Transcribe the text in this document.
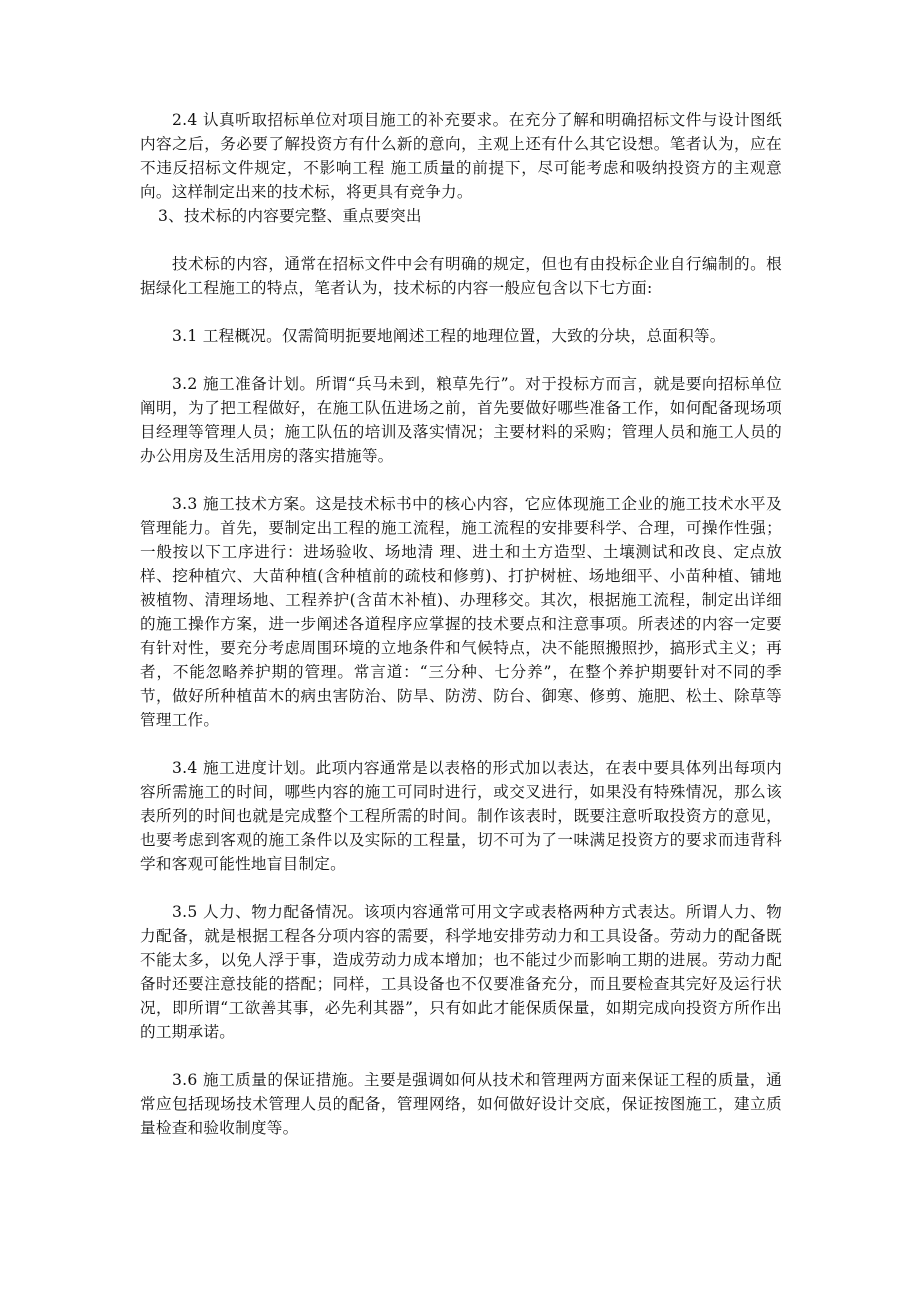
2.4 认真听取招标单位对项目施工的补充要求。在充分了解和明确招标文件与设计图纸内容之后，务必要了解投资方有什么新的意向，主观上还有什么其它设想。笔者认为，应在不违反招标文件规定，不影响工程 施工质量的前提下，尽可能考虑和吸纳投资方的主观意向。这样制定出来的技术标，将更具有竞争力。

3、技术标的内容要完整、重点要突出

技术标的内容，通常在招标文件中会有明确的规定，但也有由投标企业自行编制的。根据绿化工程施工的特点，笔者认为，技术标的内容一般应包含以下七方面:

3.1 工程概况。仅需简明扼要地阐述工程的地理位置，大致的分块，总面积等。

3.2 施工准备计划。所谓“兵马未到，粮草先行”。对于投标方而言，就是要向招标单位阐明，为了把工程做好，在施工队伍进场之前，首先要做好哪些准备工作，如何配备现场项目经理等管理人员；施工队伍的培训及落实情况；主要材料的采购；管理人员和施工人员的办公用房及生活用房的落实措施等。

3.3 施工技术方案。这是技术标书中的核心内容，它应体现施工企业的施工技术水平及管理能力。首先，要制定出工程的施工流程，施工流程的安排要科学、合理，可操作性强；一般按以下工序进行：进场验收、场地清 理、进土和土方造型、土壤测试和改良、定点放样、挖种植穴、大苗种植(含种植前的疏枝和修剪)、打护树桩、场地细平、小苗种植、铺地被植物、清理场地、工程养护(含苗木补植)、办理移交。其次，根据施工流程，制定出详细的施工操作方案，进一步阐述各道程序应掌握的技术要点和注意事项。所表述的内容一定要有针对性，要充分考虑周围环境的立地条件和气候特点，决不能照搬照抄，搞形式主义；再者，不能忽略养护期的管理。常言道：“三分种、七分养”，在整个养护期要针对不同的季节，做好所种植苗木的病虫害防治、防旱、防涝、防台、御寒、修剪、施肥、松土、除草等管理工作。

3.4 施工进度计划。此项内容通常是以表格的形式加以表达，在表中要具体列出每项内容所需施工的时间，哪些内容的施工可同时进行，或交叉进行，如果没有特殊情况，那么该表所列的时间也就是完成整个工程所需的时间。制作该表时，既要注意听取投资方的意见，也要考虑到客观的施工条件以及实际的工程量，切不可为了一味满足投资方的要求而违背科学和客观可能性地盲目制定。

3.5 人力、物力配备情况。该项内容通常可用文字或表格两种方式表达。所谓人力、物力配备，就是根据工程各分项内容的需要，科学地安排劳动力和工具设备。劳动力的配备既不能太多，以免人浮于事，造成劳动力成本增加；也不能过少而影响工期的进展。劳动力配备时还要注意技能的搭配；同样，工具设备也不仅要准备充分，而且要检查其完好及运行状况，即所谓“工欲善其事，必先利其器”，只有如此才能保质保量，如期完成向投资方所作出的工期承诺。

3.6 施工质量的保证措施。主要是强调如何从技术和管理两方面来保证工程的质量，通常应包括现场技术管理人员的配备，管理网络，如何做好设计交底，保证按图施工，建立质量检查和验收制度等。
